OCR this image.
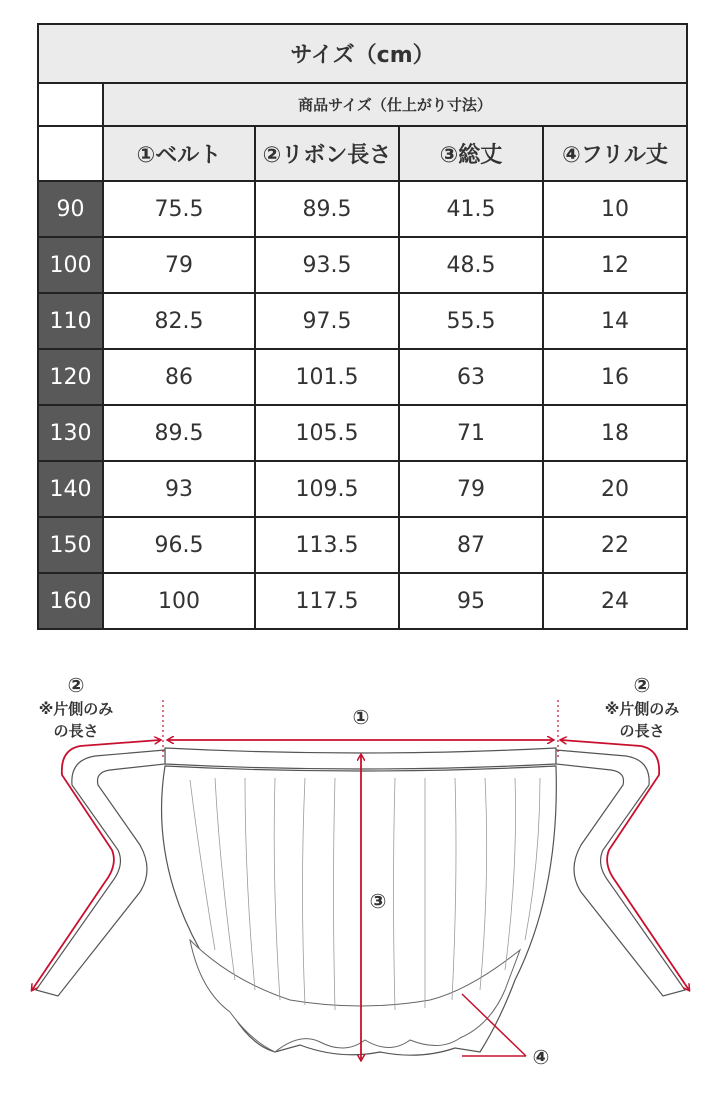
サイズ（cm）				
	商品サイズ（仕上がり寸法）			
	①ベルト	②リボン長さ	③総丈	④フリル丈
90	75.5	89.5	41.5	10
100	79	93.5	48.5	12
110	82.5	97.5	55.5	14
120	86	101.5	63	16
130	89.5	105.5	71	18
140	93	109.5	79	20
150	96.5	113.5	87	22
160	100	117.5	95	24
②
※片側のみ
の長さ
②
※片側のみ
の長さ
①
③
④
